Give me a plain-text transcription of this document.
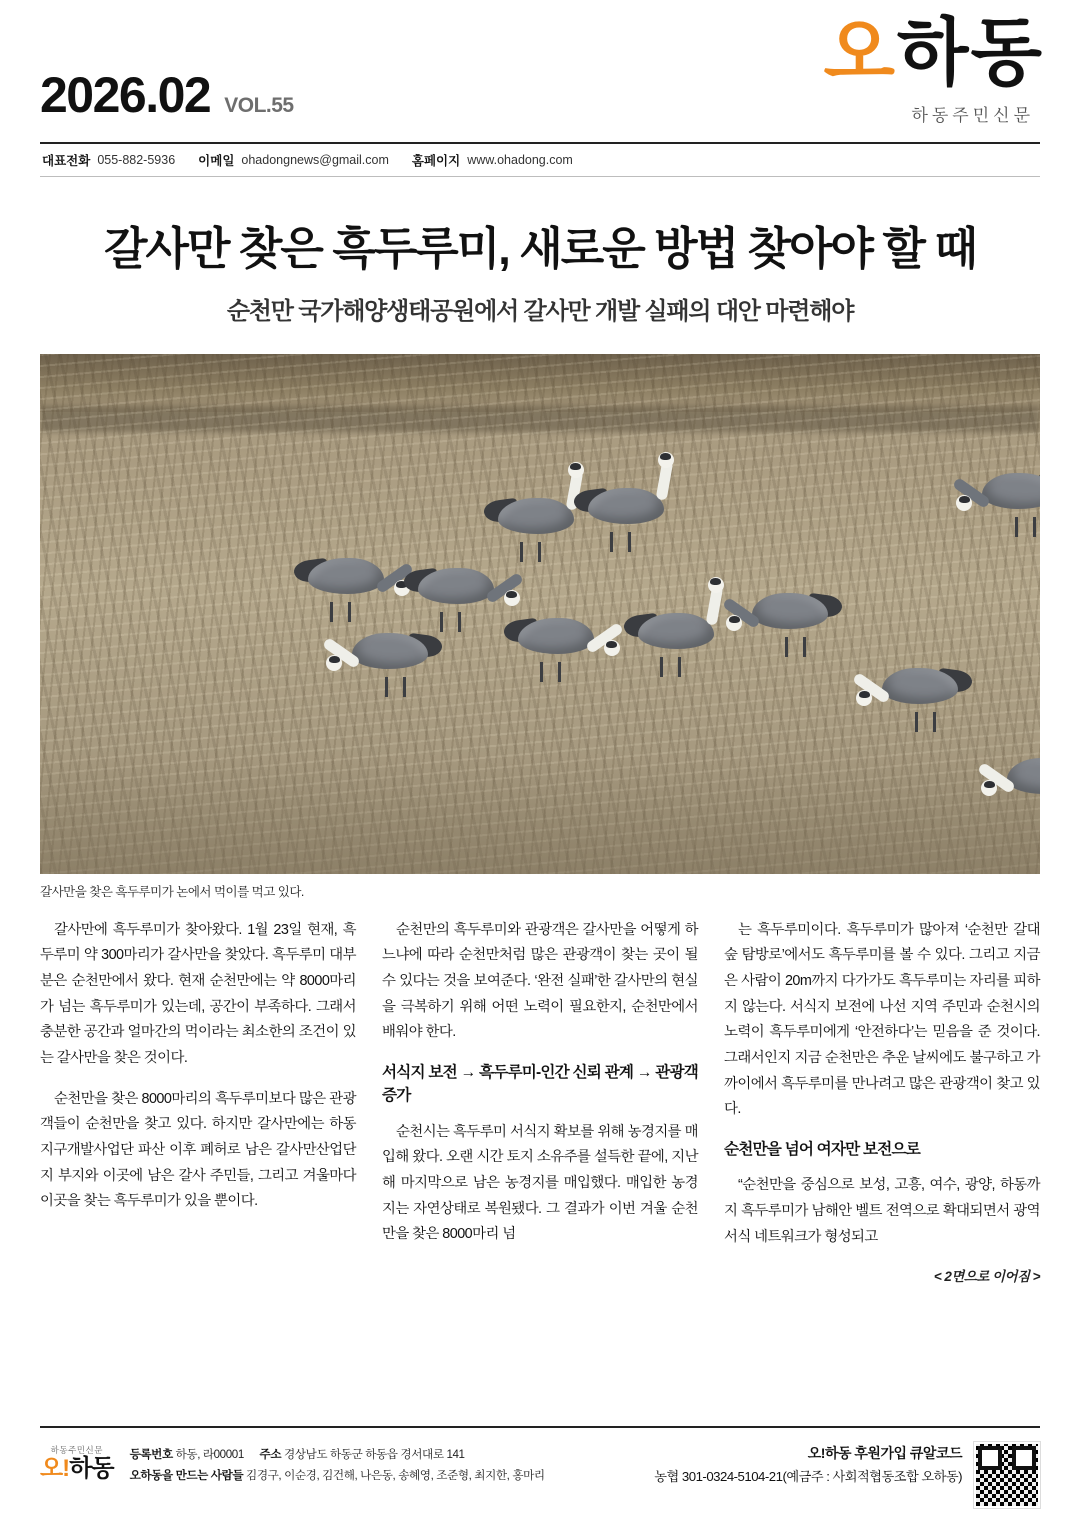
2026.02 VOL.55
오 하 동
하동주민신문
대표전화 055-882-5936 이메일 ohadongnews@gmail.com 홈페이지 www.ohadong.com
갈사만 찾은 흑두루미, 새로운 방법 찾아야 할 때
순천만 국가해양생태공원에서 갈사만 개발 실패의 대안 마련해야
갈사만을 찾은 흑두루미가 논에서 먹이를 먹고 있다.

갈사만에 흑두루미가 찾아왔다. 1월 23일 현재, 흑두루미 약 300마리가 갈사만을 찾았다. 흑두루미 대부분은 순천만에서 왔다. 현재 순천만에는 약 8000마리가 넘는 흑두루미가 있는데, 공간이 부족하다. 그래서 충분한 공간과 얼마간의 먹이라는 최소한의 조건이 있는 갈사만을 찾은 것이다.

순천만을 찾은 8000마리의 흑두루미보다 많은 관광객들이 순천만을 찾고 있다. 하지만 갈사만에는 하동지구개발사업단 파산 이후 폐허로 남은 갈사만산업단지 부지와 이곳에 남은 갈사 주민들, 그리고 겨울마다 이곳을 찾는 흑두루미가 있을 뿐이다.

순천만의 흑두루미와 관광객은 갈사만을 어떻게 하느냐에 따라 순천만처럼 많은 관광객이 찾는 곳이 될 수 있다는 것을 보여준다. ‘완전 실패’한 갈사만의 현실을 극복하기 위해 어떤 노력이 필요한지, 순천만에서 배워야 한다.

서식지 보전 → 흑두루미-인간 신뢰 관계 → 관광객 증가

순천시는 흑두루미 서식지 확보를 위해 농경지를 매입해 왔다. 오랜 시간 토지 소유주를 설득한 끝에, 지난해 마지막으로 남은 농경지를 매입했다. 매입한 농경지는 자연상태로 복원됐다. 그 결과가 이번 겨울 순천만을 찾은 8000마리 넘

는 흑두루미이다. 흑두루미가 많아져 ‘순천만 갈대숲 탐방로’에서도 흑두루미를 볼 수 있다. 그리고 지금은 사람이 20m까지 다가가도 흑두루미는 자리를 피하지 않는다. 서식지 보전에 나선 지역 주민과 순천시의 노력이 흑두루미에게 ‘안전하다’는 믿음을 준 것이다. 그래서인지 지금 순천만은 추운 날씨에도 불구하고 가까이에서 흑두루미를 만나려고 많은 관광객이 찾고 있다.

순천만을 넘어 여자만 보전으로

“순천만을 중심으로 보성, 고흥, 여수, 광양, 하동까지 흑두루미가 남해안 벨트 전역으로 확대되면서 광역 서식 네트워크가 형성되고

< 2면으로 이어짐 >
하동주민신문
오!하동
등록번호 하동, 라00001 주소 경상남도 하동군 하동읍 경서대로 141
오하동을 만드는 사람들 김경구, 이순경, 김건해, 나은동, 송혜영, 조준형, 최지한, 홍마리
오!하동 후원가입 큐알코드
농협 301-0324-5104-21(예금주 : 사회적협동조합 오하동)
